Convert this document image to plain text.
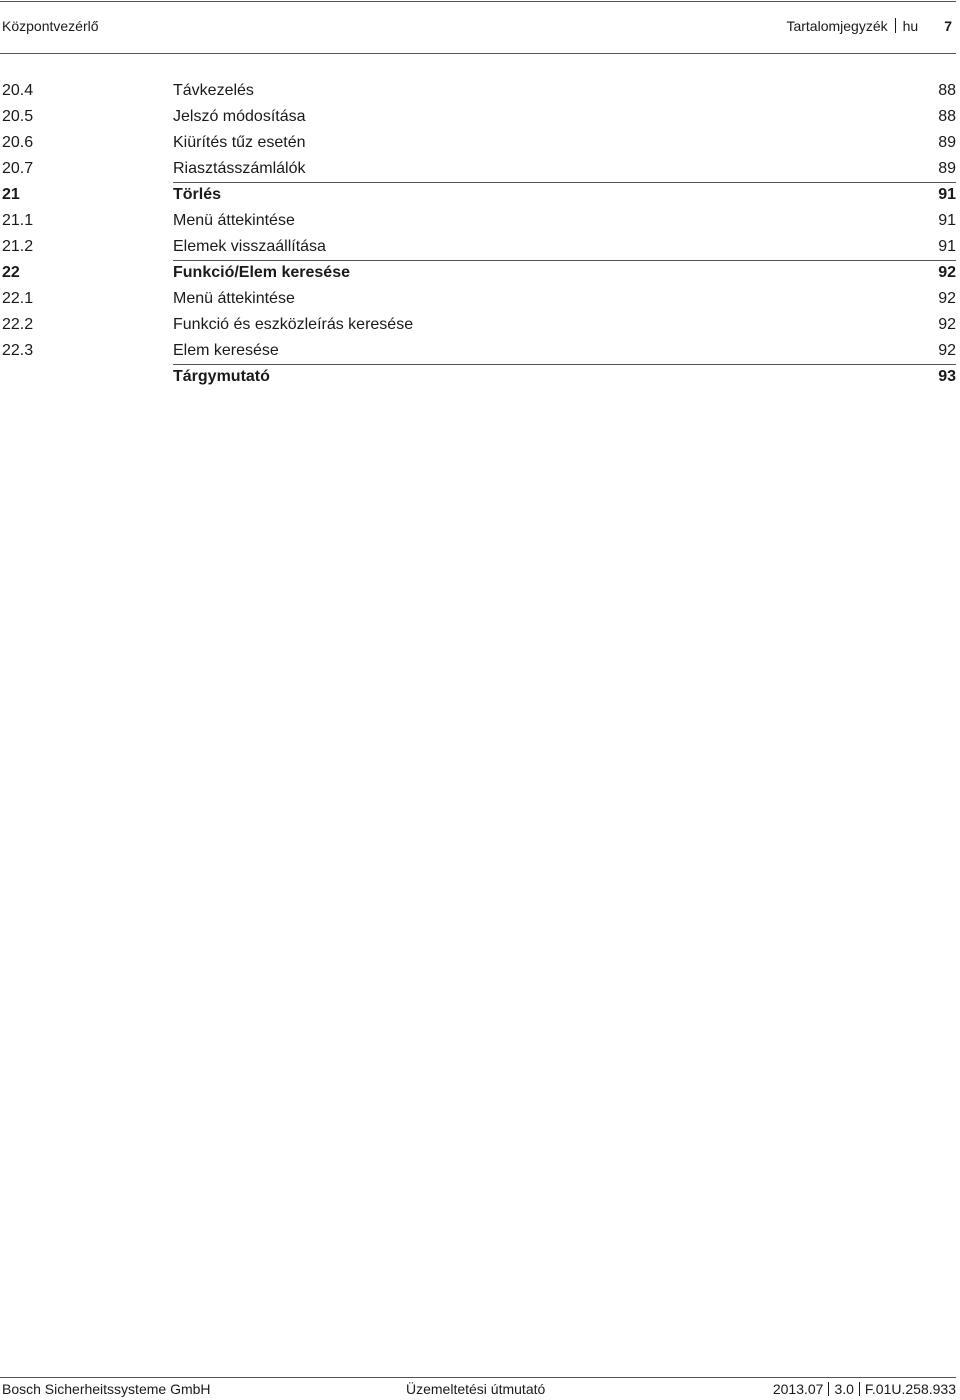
Központvezérlő	Tartalomjegyzék hu 7
20.4	Távkezelés	88
20.5	Jelszó módosítása	88
20.6	Kiürítés tűz esetén	89
20.7	Riasztásszámlálók	89
21	Törlés	91
21.1	Menü áttekintése	91
21.2	Elemek visszaállítása	91
22	Funkció/Elem keresése	92
22.1	Menü áttekintése	92
22.2	Funkció és eszközleírás keresése	92
22.3	Elem keresése	92
Tárgymutató	93
Bosch Sicherheitssysteme GmbH	Üzemeltetési útmutató	2013.07 3.0 F.01U.258.933
